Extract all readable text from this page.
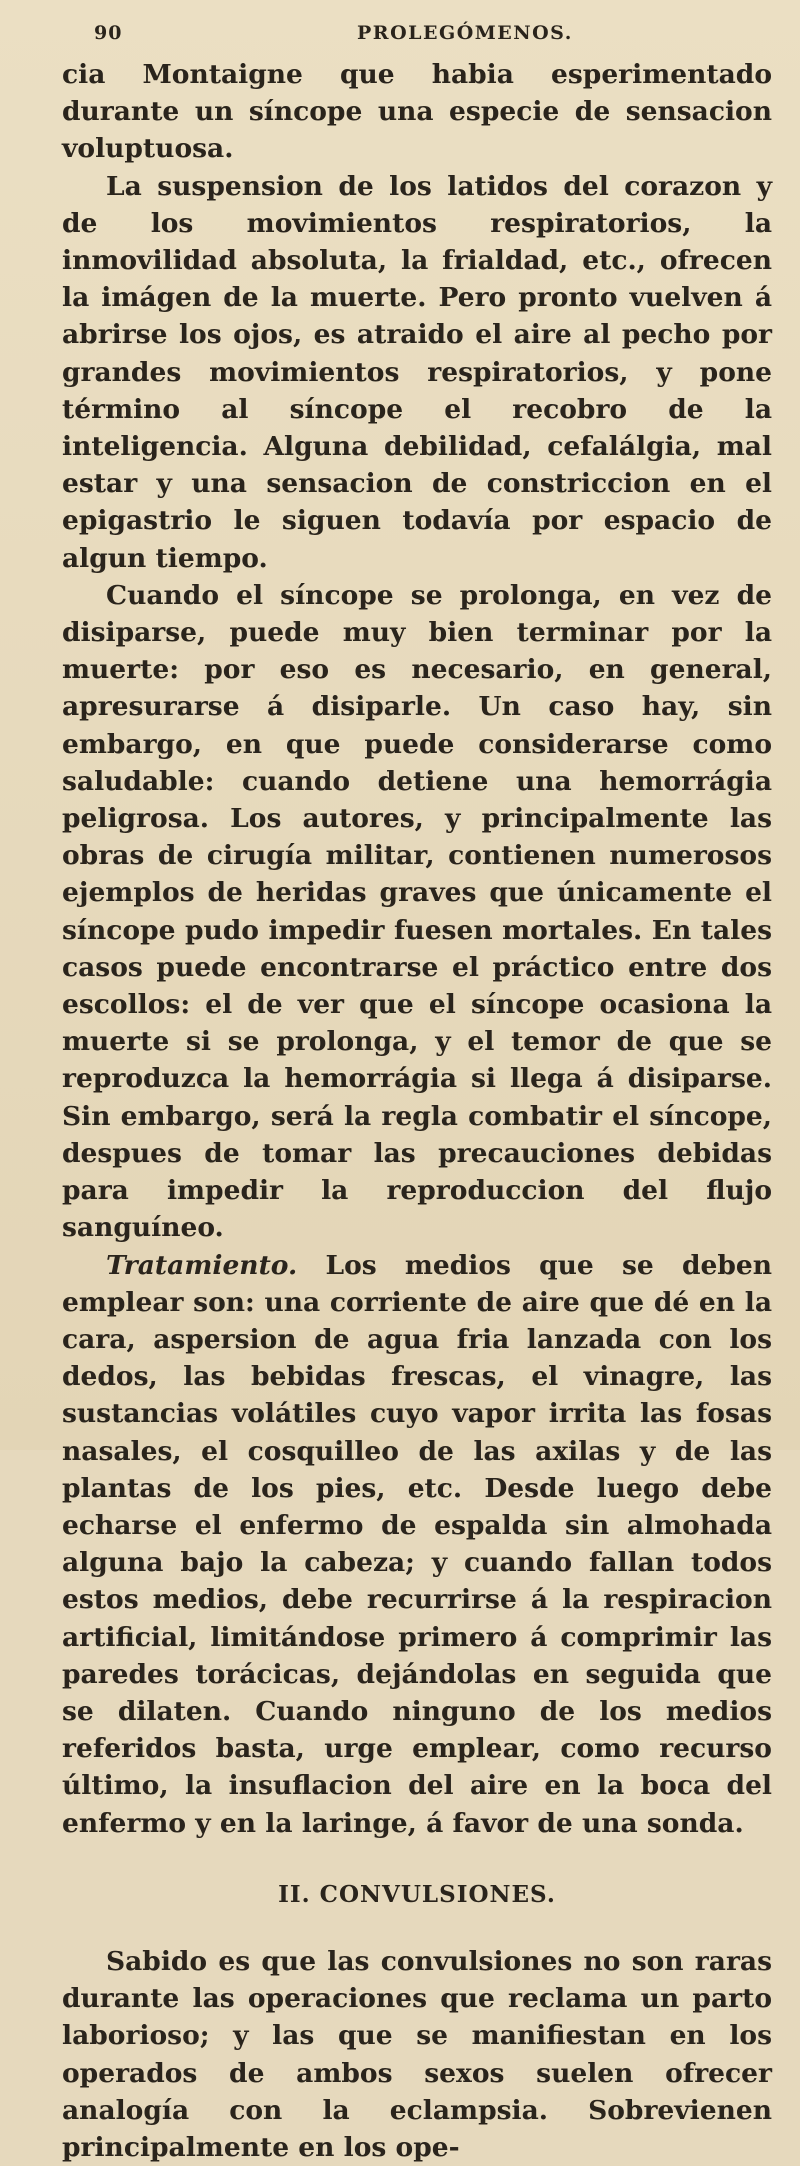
90	PROLEGÓMENOS.

cia Montaigne que habia esperimentado durante un síncope una especie de sensacion voluptuosa.

La suspension de los latidos del corazon y de los movimientos respiratorios, la inmovilidad absoluta, la frialdad, etc., ofrecen la imágen de la muerte. Pero pronto vuelven á abrirse los ojos, es atraido el aire al pecho por grandes movimientos respiratorios, y pone término al síncope el recobro de la inteligencia. Alguna debilidad, cefalálgia, mal estar y una sensacion de constriccion en el epigastrio le siguen todavía por espacio de algun tiempo.

Cuando el síncope se prolonga, en vez de disiparse, puede muy bien terminar por la muerte: por eso es necesario, en general, apresurarse á disiparle. Un caso hay, sin embargo, en que puede considerarse como saludable: cuando detiene una hemorrágia peligrosa. Los autores, y principalmente las obras de cirugía militar, contienen numerosos ejemplos de heridas graves que únicamente el síncope pudo impedir fuesen mortales. En tales casos puede encontrarse el práctico entre dos escollos: el de ver que el síncope ocasiona la muerte si se prolonga, y el temor de que se reproduzca la hemorrágia si llega á disiparse. Sin embargo, será la regla combatir el síncope, despues de tomar las precauciones debidas para impedir la reproduccion del flujo sanguíneo.

Tratamiento. Los medios que se deben emplear son: una corriente de aire que dé en la cara, aspersion de agua fria lanzada con los dedos, las bebidas frescas, el vinagre, las sustancias volátiles cuyo vapor irrita las fosas nasales, el cosquilleo de las axilas y de las plantas de los pies, etc. Desde luego debe echarse el enfermo de espalda sin almohada alguna bajo la cabeza; y cuando fallan todos estos medios, debe recurrirse á la respiracion artificial, limitándose primero á comprimir las paredes torácicas, dejándolas en seguida que se dilaten. Cuando ninguno de los medios referidos basta, urge emplear, como recurso último, la insuflacion del aire en la boca del enfermo y en la laringe, á favor de una sonda.

II. CONVULSIONES.

Sabido es que las convulsiones no son raras durante las operaciones que reclama un parto laborioso; y las que se manifiestan en los operados de ambos sexos suelen ofrecer analogía con la eclampsia. Sobrevienen principalmente en los ope-
